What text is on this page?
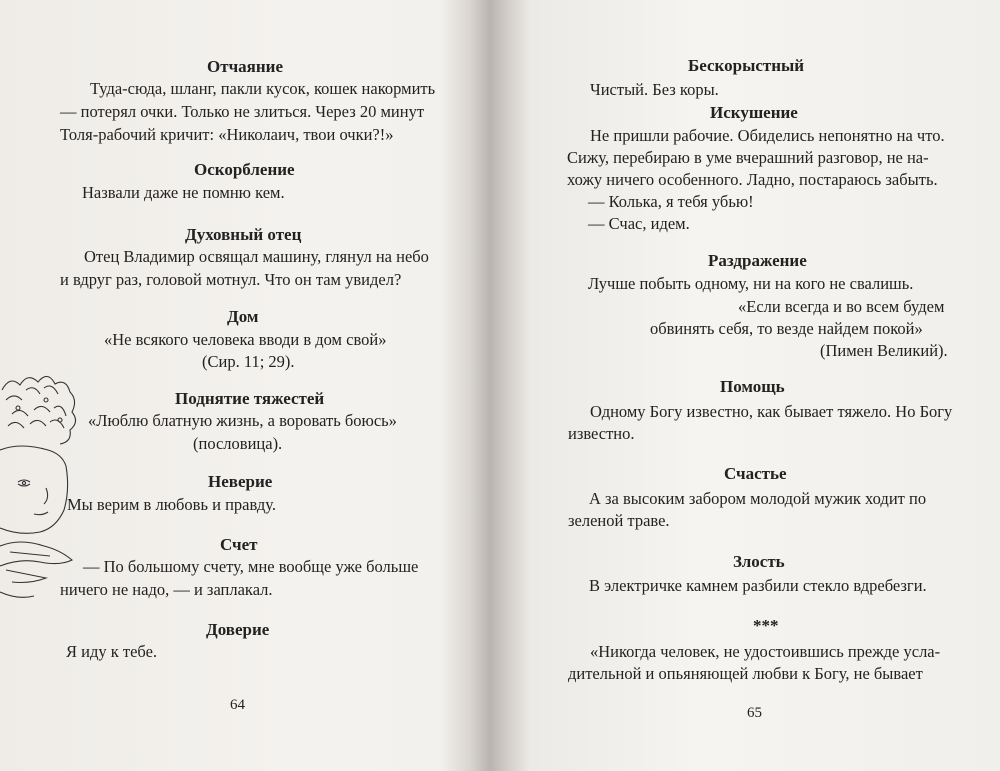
Отчаяние
Туда-сюда, шланг, пакли кусок, кошек накормить
— потерял очки. Только не злиться. Через 20 минут
Толя-рабочий кричит: «Николаич, твои очки?!»
Оскорбление
Назвали даже не помню кем.
Духовный отец
Отец Владимир освящал машину, глянул на небо
и вдруг раз, головой мотнул. Что он там увидел?
Дом
«Не всякого человека вводи в дом свой»
(Сир. 11; 29).
Поднятие тяжестей
«Люблю блатную жизнь, а воровать боюсь»
(пословица).
Неверие
Мы верим в любовь и правду.
Счет
— По большому счету, мне вообще уже больше
ничего не надо, — и заплакал.
Доверие
Я иду к тебе.
64
Бескорыстный
Чистый. Без коры.
Искушение
Не пришли рабочие. Обиделись непонятно на что.
Сижу, перебираю в уме вчерашний разговор, не на-
хожу ничего особенного. Ладно, постараюсь забыть.
— Колька, я тебя убью!
— Счас, идем.
Раздражение
Лучше побыть одному, ни на кого не свалишь.
«Если всегда и во всем будем
обвинять себя, то везде найдем покой»
(Пимен Великий).
Помощь
Одному Богу известно, как бывает тяжело. Но Богу
известно.
Счастье
А за высоким забором молодой мужик ходит по
зеленой траве.
Злость
В электричке камнем разбили стекло вдребезги.
***
«Никогда человек, не удостоившись прежде усла-
дительной и опьяняющей любви к Богу, не бывает
65
